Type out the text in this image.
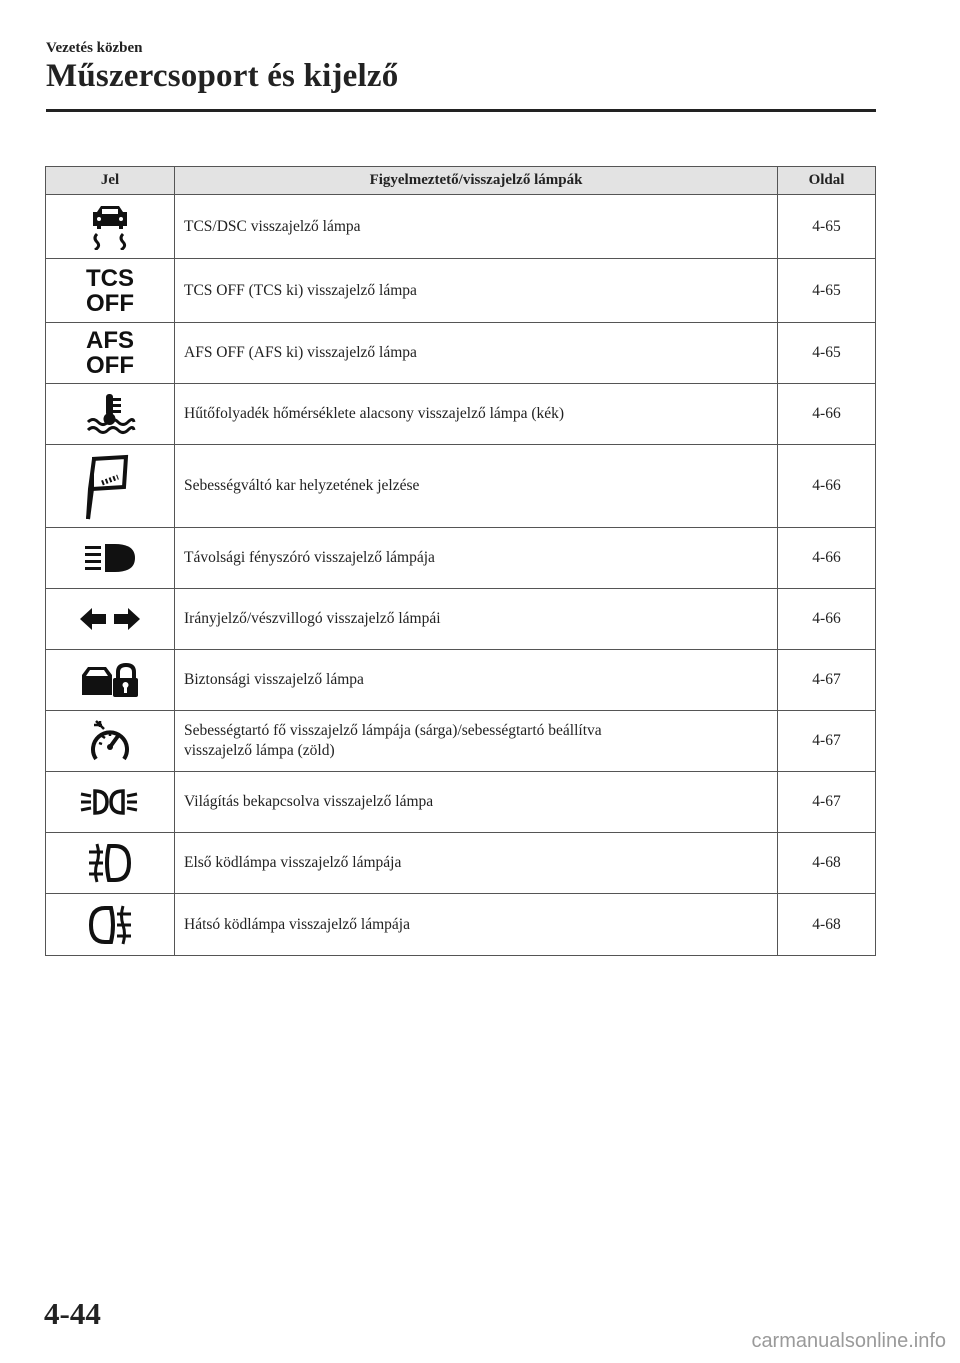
Vezetés közben
Műszercsoport és kijelző
Jel	Figyelmeztető/visszajelző lámpák	Oldal

	TCS/DSC visszajelző lámpa	4-65

TCS
OFF	TCS OFF (TCS ki) visszajelző lámpa	4-65

AFS
OFF	AFS OFF (AFS ki) visszajelző lámpa	4-65

	Hűtőfolyadék hőmérséklete alacsony visszajelző lámpa (kék)	4-66

	Sebességváltó kar helyzetének jelzése	4-66

	Távolsági fényszóró visszajelző lámpája	4-66

	Irányjelző/vészvillogó visszajelző lámpái	4-66

	Biztonsági visszajelző lámpa	4-67

Sebességtartó fő visszajelző lámpája (sárga)/sebességtartó beállítva
visszajelző lámpa (zöld)	4-67

	Világítás bekapcsolva visszajelző lámpa	4-67

	Első ködlámpa visszajelző lámpája	4-68

	Hátsó ködlámpa visszajelző lámpája	4-68
4-44
carmanualsonline.info
